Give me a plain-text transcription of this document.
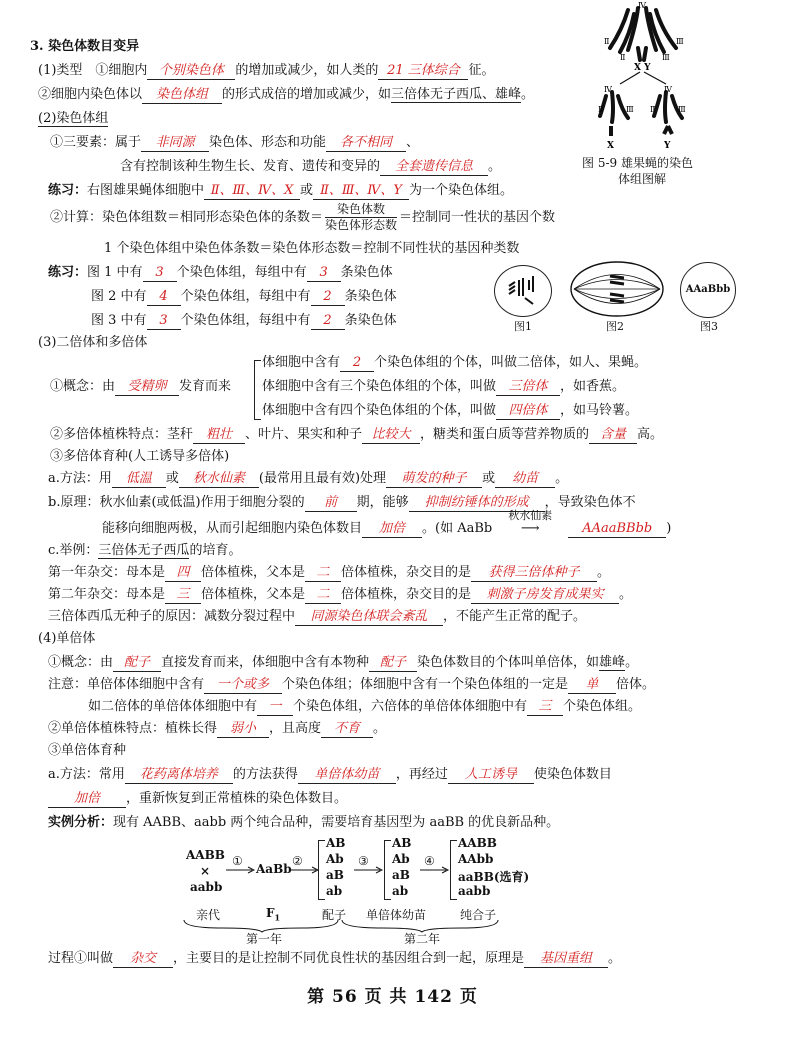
3. 染色体数目变异
(1)类型　①细胞内 个别染色体 的增加或减少，如人类的 21 三体综合 征。
②细胞内染色体以 染色体组 的形式成倍的增加或减少，如三倍体无子西瓜、雄峰。
(2)染色体组
①三要素：属于 非同源 染色体、形态和功能 各不相同 、
含有控制该种生物生长、发育、遗传和变异的 全套遗传信息 。
练习：右图雄果蝇体细胞中 Ⅱ、Ⅲ、Ⅳ、X 或 Ⅱ、Ⅲ、Ⅳ、Y 为一个染色体组。
②计算：染色体组数＝相同形态染色体的条数＝ $\frac{\text{染色体数}}{\text{染色体形态数}}$ ＝控制同一性状的基因个数
1 个染色体组中染色体条数＝染色体形态数＝控制不同性状的基因种类数
练习：图 1 中有 3 个染色体组，每组中有 3 条染色体
图 2 中有 4 个染色体组，每组中有 2 条染色体
图 3 中有 3 个染色体组，每组中有 2 条染色体
Ⅳ
Ⅱ	Ⅲ
Ⅱ	Ⅲ
X Y
Ⅳ	Ⅳ
Ⅱ	Ⅲ Ⅱ	Ⅲ
X	Y
图 5-9 雄果蝇的染色
体组图解
图1	图2
AAaBbb
图3
(3)二倍体和多倍体
体细胞中含有 2 个染色体组的个体，叫做二倍体，如人、果蝇。
①概念：由 受精卵 发育而来 体细胞中含有三个染色体组的个体，叫做 三倍体 ，如香蕉。
体细胞中含有四个染色体组的个体，叫做 四倍体 ，如马铃薯。
②多倍体植株特点：茎秆 粗壮 、叶片、果实和种子 比较大 ，糖类和蛋白质等营养物质的 含量 高。
③多倍体育种(人工诱导多倍体)
a.方法：用 低温 或 秋水仙素 (最常用且最有效)处理 萌发的种子 或 幼苗 。
b.原理：秋水仙素(或低温)作用于细胞分裂的 前 期，能够 抑制纺锤体的形成 ，导致染色体不
能移向细胞两极，从而引起细胞内染色体数目 加倍 。(如 AaBb
秋水仙素
⟶	AAaaBBbb )
c.举例：三倍体无子西瓜的培育。
第一年杂交：母本是 四 倍体植株，父本是 二 倍体植株，杂交目的是 获得三倍体种子 。
第二年杂交：母本是 三 倍体植株，父本是 二 倍体植株，杂交目的是 刺激子房发育成果实 。
三倍体西瓜无种子的原因：减数分裂过程中 同源染色体联会紊乱 ，不能产生正常的配子。
(4)单倍体
①概念：由 配子 直接发育而来，体细胞中含有本物种 配子 染色体数目的个体叫单倍体，如雄峰。
注意：单倍体体细胞中含有 一个或多 个染色体组；体细胞中含有一个染色体组的一定是 单 倍体。
如二倍体的单倍体体细胞中有 一 个染色体组，六倍体的单倍体体细胞中有 三 个染色体组。
②单倍体植株特点：植株长得 弱小 ，且高度 不育 。
③单倍体育种
a.方法：常用 花药离体培养 的方法获得 单倍体幼苗 ，再经过 人工诱导 使染色体数目
加倍 ，重新恢复到正常植株的染色体数目。
实例分析：现有 AABB、aabb 两个纯合品种，需要培育基因型为 aaBB 的优良新品种。
AABB
×
aabb
①
AaBb
②
AB
Ab
aB
ab
③
AB
Ab
aB
ab
④
AABB
AAbb
aaBB(选育)
aabb
亲代	$F_1$	配子 单倍体幼苗	纯合子
第一年	第二年
过程①叫做 杂交 ，主要目的是让控制不同优良性状的基因组合到一起，原理是 基因重组 。
第 56 页 共 142 页
